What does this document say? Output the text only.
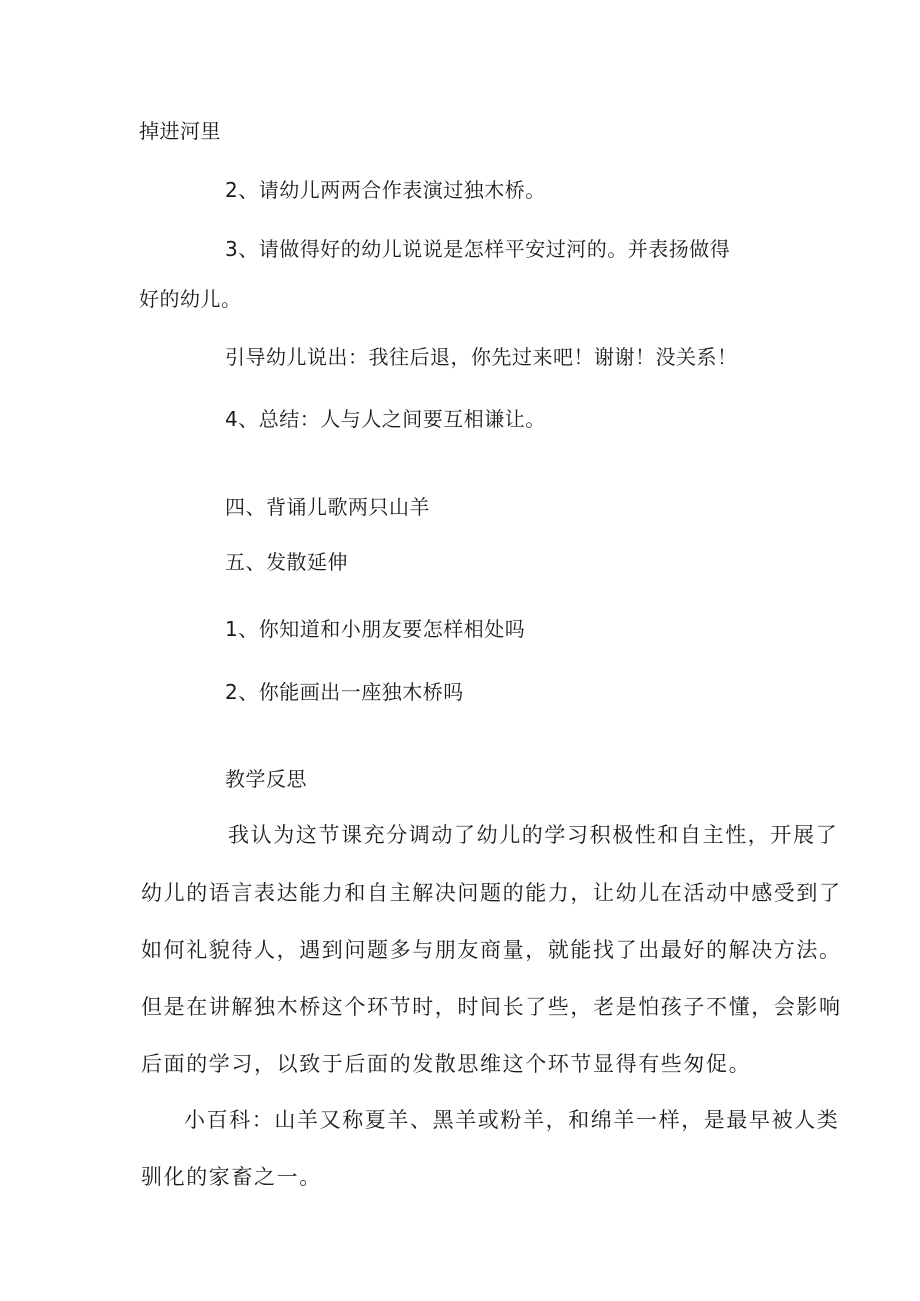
掉进河里
2、请幼儿两两合作表演过独木桥。
3、请做得好的幼儿说说是怎样平安过河的。并表扬做得
好的幼儿。
引导幼儿说出：我往后退，你先过来吧！谢谢！没关系！
4、总结：人与人之间要互相谦让。
四、背诵儿歌两只山羊
五、发散延伸
1、你知道和小朋友要怎样相处吗
2、你能画出一座独木桥吗
教学反思
我认为这节课充分调动了幼儿的学习积极性和自主性，开展了
幼儿的语言表达能力和自主解决问题的能力，让幼儿在活动中感受到了
如何礼貌待人，遇到问题多与朋友商量，就能找了出最好的解决方法。
但是在讲解独木桥这个环节时，时间长了些，老是怕孩子不懂，会影响
后面的学习，以致于后面的发散思维这个环节显得有些匆促。
小百科：山羊又称夏羊、黑羊或粉羊，和绵羊一样，是最早被人类
驯化的家畜之一。
